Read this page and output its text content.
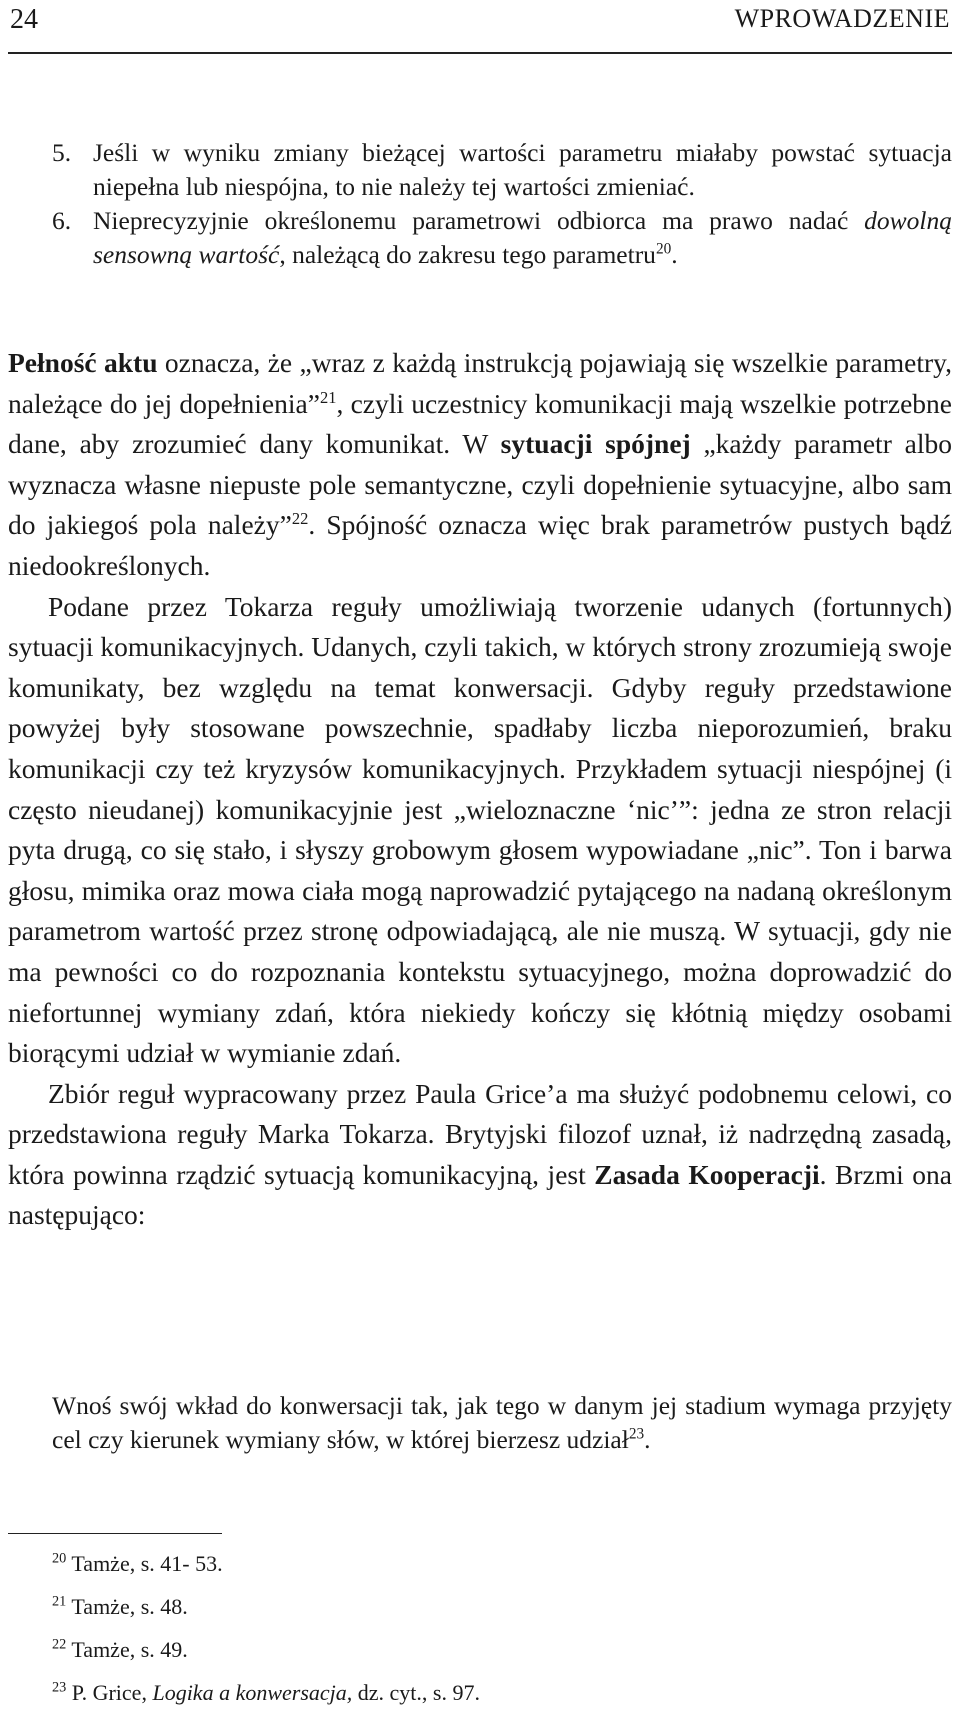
24	WPROWADZENIE
5. Jeśli w wyniku zmiany bieżącej wartości parametru miałaby powstać sytuacja niepełna lub niespójna, to nie należy tej wartości zmieniać.
6. Nieprecyzyjnie określonemu parametrowi odbiorca ma prawo nadać dowolną sensowną wartość, należącą do zakresu tego parametru$^{20}$.

Pełność aktu oznacza, że „wraz z każdą instrukcją pojawiają się wszelkie parametry, należące do jej dopełnienia”$^{21}$, czyli uczestnicy komunikacji mają wszelkie potrzebne dane, aby zrozumieć dany komunikat. W sytuacji spójnej „każdy parametr albo wyznacza własne niepuste pole semantyczne, czyli dopełnienie sytuacyjne, albo sam do jakiegoś pola należy”$^{22}$. Spójność oznacza więc brak parametrów pustych bądź niedookreślonych.

Podane przez Tokarza reguły umożliwiają tworzenie udanych (fortunnych) sytuacji komunikacyjnych. Udanych, czyli takich, w których strony zrozumieją swoje komunikaty, bez względu na temat konwersacji. Gdyby reguły przedstawione powyżej były stosowane powszechnie, spadłaby liczba nieporozumień, braku komunikacji czy też kryzysów komunikacyjnych. Przykładem sytuacji niespójnej (i często nieudanej) komunikacyjnie jest „wieloznaczne ‘nic’”: jedna ze stron relacji pyta drugą, co się stało, i słyszy grobowym głosem wypowiadane „nic”. Ton i barwa głosu, mimika oraz mowa ciała mogą naprowadzić pytającego na nadaną określonym parametrom wartość przez stronę odpowiadającą, ale nie muszą. W sytuacji, gdy nie ma pewności co do rozpoznania kontekstu sytuacyjnego, można doprowadzić do niefortunnej wymiany zdań, która niekiedy kończy się kłótnią między osobami biorącymi udział w wymianie zdań.

Zbiór reguł wypracowany przez Paula Grice’a ma służyć podobnemu celowi, co przedstawiona reguły Marka Tokarza. Brytyjski filozof uznał, iż nadrzędną zasadą, która powinna rządzić sytuacją komunikacyjną, jest Zasada Kooperacji. Brzmi ona następująco:

Wnoś swój wkład do konwersacji tak, jak tego w danym jej stadium wymaga przyjęty cel czy kierunek wymiany słów, w której bierzesz udział$^{23}$.
$^{20}$ Tamże, s. 41- 53.
$^{21}$ Tamże, s. 48.
$^{22}$ Tamże, s. 49.
$^{23}$ P. Grice, Logika a konwersacja, dz. cyt., s. 97.
